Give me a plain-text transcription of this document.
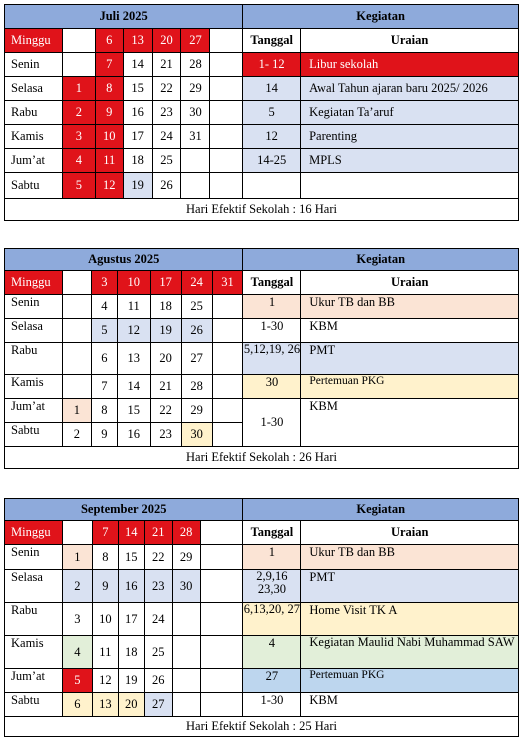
Juli 2025							Kegiatan	
Minggu		6	13	20	27		Tanggal	Uraian
Senin		7	14	21	28		1- 12	Libur sekolah
Selasa	1	8	15	22	29		14	Awal Tahun ajaran baru 2025/ 2026
Rabu	2	9	16	23	30		5	Kegiatan Ta’aruf
Kamis	3	10	17	24	31		12	Parenting
Jum’at	4	11	18	25			14-25	MPLS
Sabtu	5	12	19	26				
Hari Efektif Sekolah : 16 Hari								
Agustus 2025							Kegiatan	
Minggu		3	10	17	24	31	Tanggal	Uraian
Senin		4	11	18	25		1	Ukur TB dan BB
Selasa		5	12	19	26		1-30	KBM
Rabu		6	13	20	27		5,12,19, 26	PMT
Kamis		7	14	21	28		30	Pertemuan PKG
Jum’at	1	8	15	22	29		1-30	KBM
Sabtu	2	9	16	23	30			
Hari Efektif Sekolah : 26 Hari								
September 2025							Kegiatan	
Minggu		7	14	21	28		Tanggal	Uraian
Senin	1	8	15	22	29		1	Ukur TB dan BB
Selasa	2	9	16	23	30		2,9,16 23,30	PMT
Rabu	3	10	17	24			6,13,20, 27	Home Visit TK A
Kamis	4	11	18	25			4	Kegiatan Maulid Nabi Muhammad SAW
Jum’at	5	12	19	26			27	Pertemuan PKG
Sabtu	6	13	20	27			1-30	KBM
Hari Efektif Sekolah : 25 Hari								
